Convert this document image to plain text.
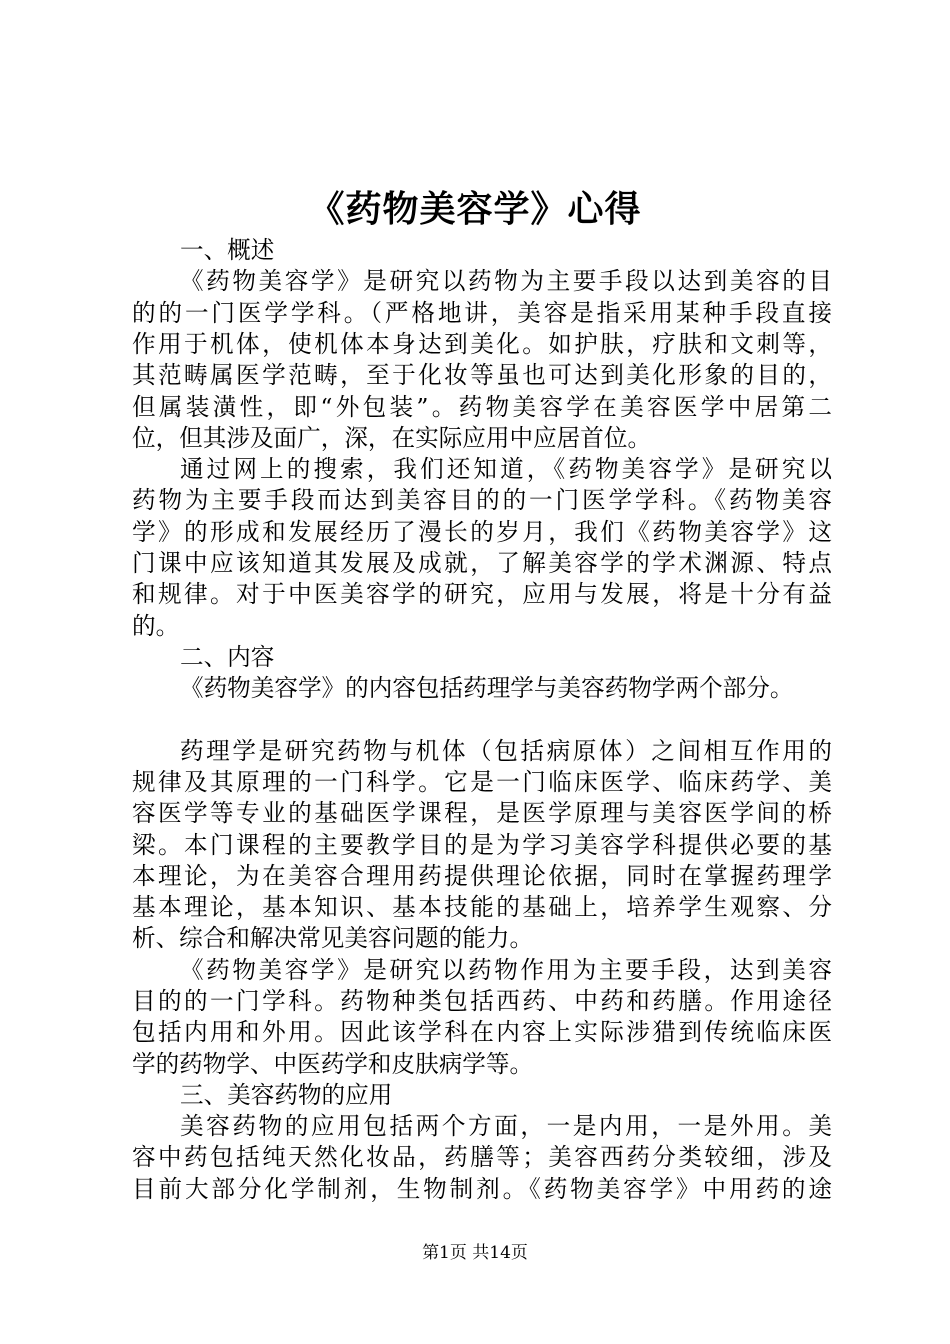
《药物美容学》心得
一、概述
《药物美容学》是研究以药物为主要手段以达到美容的目
的的一门医学学科。（严格地讲，美容是指采用某种手段直接
作用于机体，使机体本身达到美化。如护肤，疗肤和文刺等，
其范畴属医学范畴，至于化妆等虽也可达到美化形象的目的，
但属装潢性，即“外包装”。药物美容学在美容医学中居第二
位，但其涉及面广，深，在实际应用中应居首位。
通过网上的搜索，我们还知道，《药物美容学》是研究以
药物为主要手段而达到美容目的的一门医学学科。《药物美容
学》的形成和发展经历了漫长的岁月，我们《药物美容学》这
门课中应该知道其发展及成就，了解美容学的学术渊源、特点
和规律。对于中医美容学的研究，应用与发展，将是十分有益
的。
二、内容
《药物美容学》的内容包括药理学与美容药物学两个部分。
药理学是研究药物与机体（包括病原体）之间相互作用的
规律及其原理的一门科学。它是一门临床医学、临床药学、美
容医学等专业的基础医学课程，是医学原理与美容医学间的桥
梁。本门课程的主要教学目的是为学习美容学科提供必要的基
本理论，为在美容合理用药提供理论依据，同时在掌握药理学
基本理论，基本知识、基本技能的基础上，培养学生观察、分
析、综合和解决常见美容问题的能力。
《药物美容学》是研究以药物作用为主要手段，达到美容
目的的一门学科。药物种类包括西药、中药和药膳。作用途径
包括内用和外用。因此该学科在内容上实际涉猎到传统临床医
学的药物学、中医药学和皮肤病学等。
三、美容药物的应用
美容药物的应用包括两个方面，一是内用，一是外用。美
容中药包括纯天然化妆品，药膳等；美容西药分类较细，涉及
目前大部分化学制剂，生物制剂。《药物美容学》中用药的途
第1页 共14页
